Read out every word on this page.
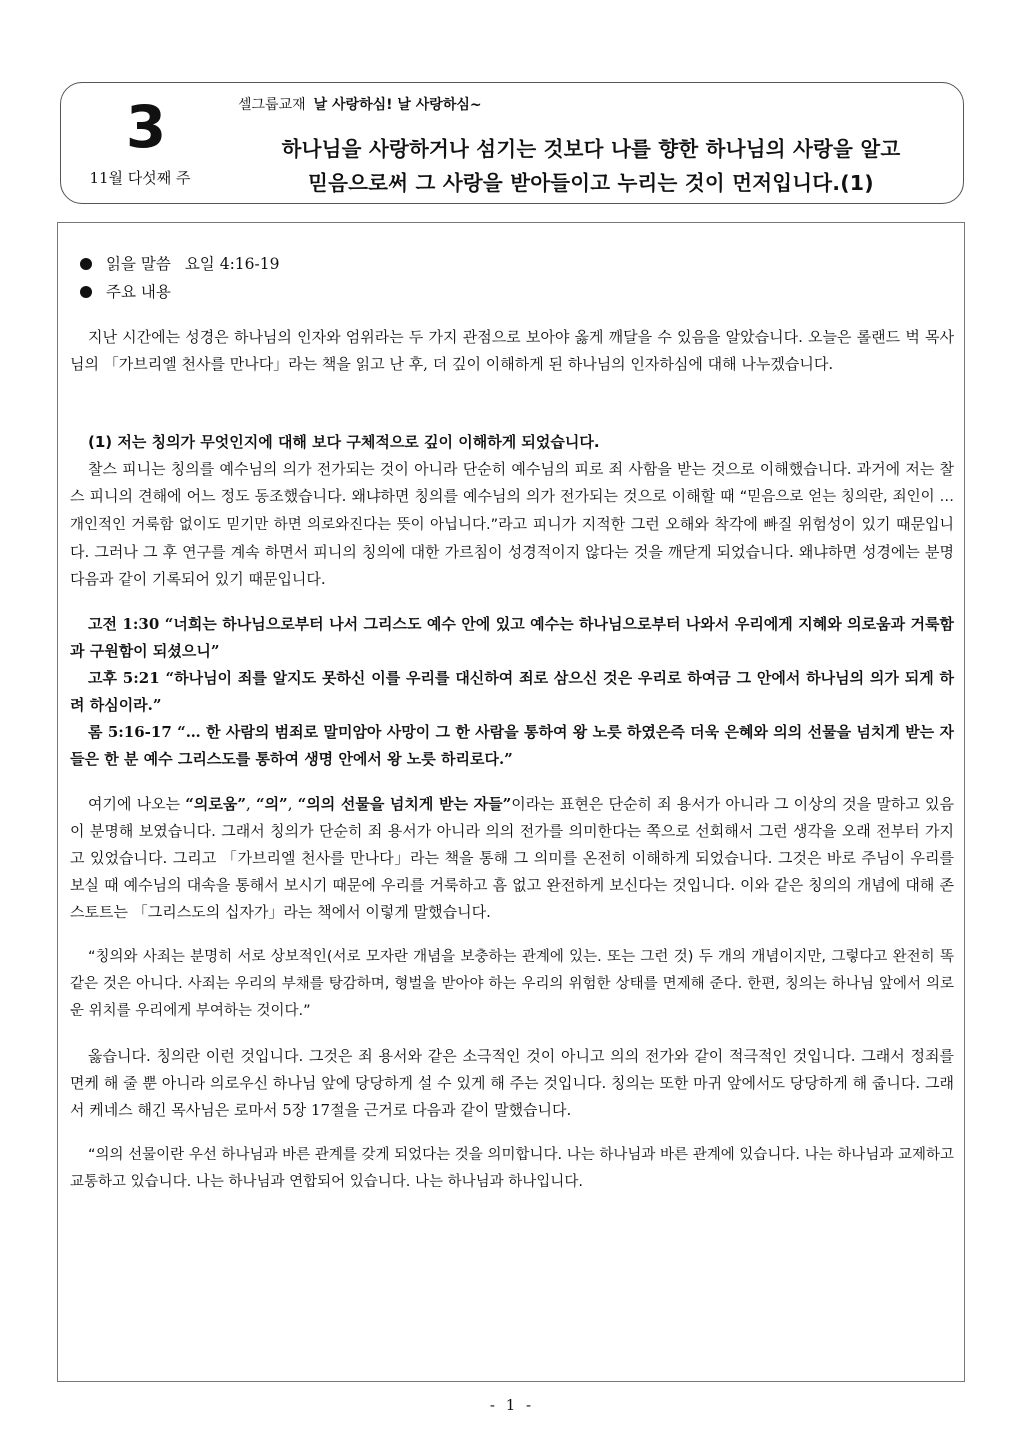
3
11월 다섯째 주
셀그룹교재 날 사랑하심! 날 사랑하심~
하나님을 사랑하거나 섬기는 것보다 나를 향한 하나님의 사랑을 알고
믿음으로써 그 사랑을 받아들이고 누리는 것이 먼저입니다.(1)
읽을 말씀 요일 4:16-19
주요 내용

지난 시간에는 성경은 하나님의 인자와 엄위라는 두 가지 관점으로 보아야 옳게 깨달을 수 있음을 알았습니다. 오늘은 롤랜드 벅 목사님의 「가브리엘 천사를 만나다」라는 책을 읽고 난 후, 더 깊이 이해하게 된 하나님의 인자하심에 대해 나누겠습니다.

(1) 저는 칭의가 무엇인지에 대해 보다 구체적으로 깊이 이해하게 되었습니다.

찰스 피니는 칭의를 예수님의 의가 전가되는 것이 아니라 단순히 예수님의 피로 죄 사함을 받는 것으로 이해했습니다. 과거에 저는 찰스 피니의 견해에 어느 정도 동조했습니다. 왜냐하면 칭의를 예수님의 의가 전가되는 것으로 이해할 때 “믿음으로 얻는 칭의란, 죄인이 … 개인적인 거룩함 없이도 믿기만 하면 의로와진다는 뜻이 아닙니다.”라고 피니가 지적한 그런 오해와 착각에 빠질 위험성이 있기 때문입니다. 그러나 그 후 연구를 계속 하면서 피니의 칭의에 대한 가르침이 성경적이지 않다는 것을 깨닫게 되었습니다. 왜냐하면 성경에는 분명 다음과 같이 기록되어 있기 때문입니다.

고전 1:30 “너희는 하나님으로부터 나서 그리스도 예수 안에 있고 예수는 하나님으로부터 나와서 우리에게 지혜와 의로움과 거룩함과 구원함이 되셨으니”

고후 5:21 “하나님이 죄를 알지도 못하신 이를 우리를 대신하여 죄로 삼으신 것은 우리로 하여금 그 안에서 하나님의 의가 되게 하려 하심이라.”

롬 5:16-17 “… 한 사람의 범죄로 말미암아 사망이 그 한 사람을 통하여 왕 노릇 하였은즉 더욱 은혜와 의의 선물을 넘치게 받는 자들은 한 분 예수 그리스도를 통하여 생명 안에서 왕 노릇 하리로다.”

여기에 나오는 “의로움”, “의”, “의의 선물을 넘치게 받는 자들”이라는 표현은 단순히 죄 용서가 아니라 그 이상의 것을 말하고 있음이 분명해 보였습니다. 그래서 칭의가 단순히 죄 용서가 아니라 의의 전가를 의미한다는 쪽으로 선회해서 그런 생각을 오래 전부터 가지고 있었습니다. 그리고 「가브리엘 천사를 만나다」라는 책을 통해 그 의미를 온전히 이해하게 되었습니다. 그것은 바로 주님이 우리를 보실 때 예수님의 대속을 통해서 보시기 때문에 우리를 거룩하고 흠 없고 완전하게 보신다는 것입니다. 이와 같은 칭의의 개념에 대해 존 스토트는 「그리스도의 십자가」라는 책에서 이렇게 말했습니다.

“칭의와 사죄는 분명히 서로 상보적인(서로 모자란 개념을 보충하는 관계에 있는. 또는 그런 것) 두 개의 개념이지만, 그렇다고 완전히 똑같은 것은 아니다. 사죄는 우리의 부채를 탕감하며, 형벌을 받아야 하는 우리의 위험한 상태를 면제해 준다. 한편, 칭의는 하나님 앞에서 의로운 위치를 우리에게 부여하는 것이다.”

옳습니다. 칭의란 이런 것입니다. 그것은 죄 용서와 같은 소극적인 것이 아니고 의의 전가와 같이 적극적인 것입니다. 그래서 정죄를 면케 해 줄 뿐 아니라 의로우신 하나님 앞에 당당하게 설 수 있게 해 주는 것입니다. 칭의는 또한 마귀 앞에서도 당당하게 해 줍니다. 그래서 케네스 해긴 목사님은 로마서 5장 17절을 근거로 다음과 같이 말했습니다.

“의의 선물이란 우선 하나님과 바른 관계를 갖게 되었다는 것을 의미합니다. 나는 하나님과 바른 관계에 있습니다. 나는 하나님과 교제하고 교통하고 있습니다. 나는 하나님과 연합되어 있습니다. 나는 하나님과 하나입니다.

- 1 -
